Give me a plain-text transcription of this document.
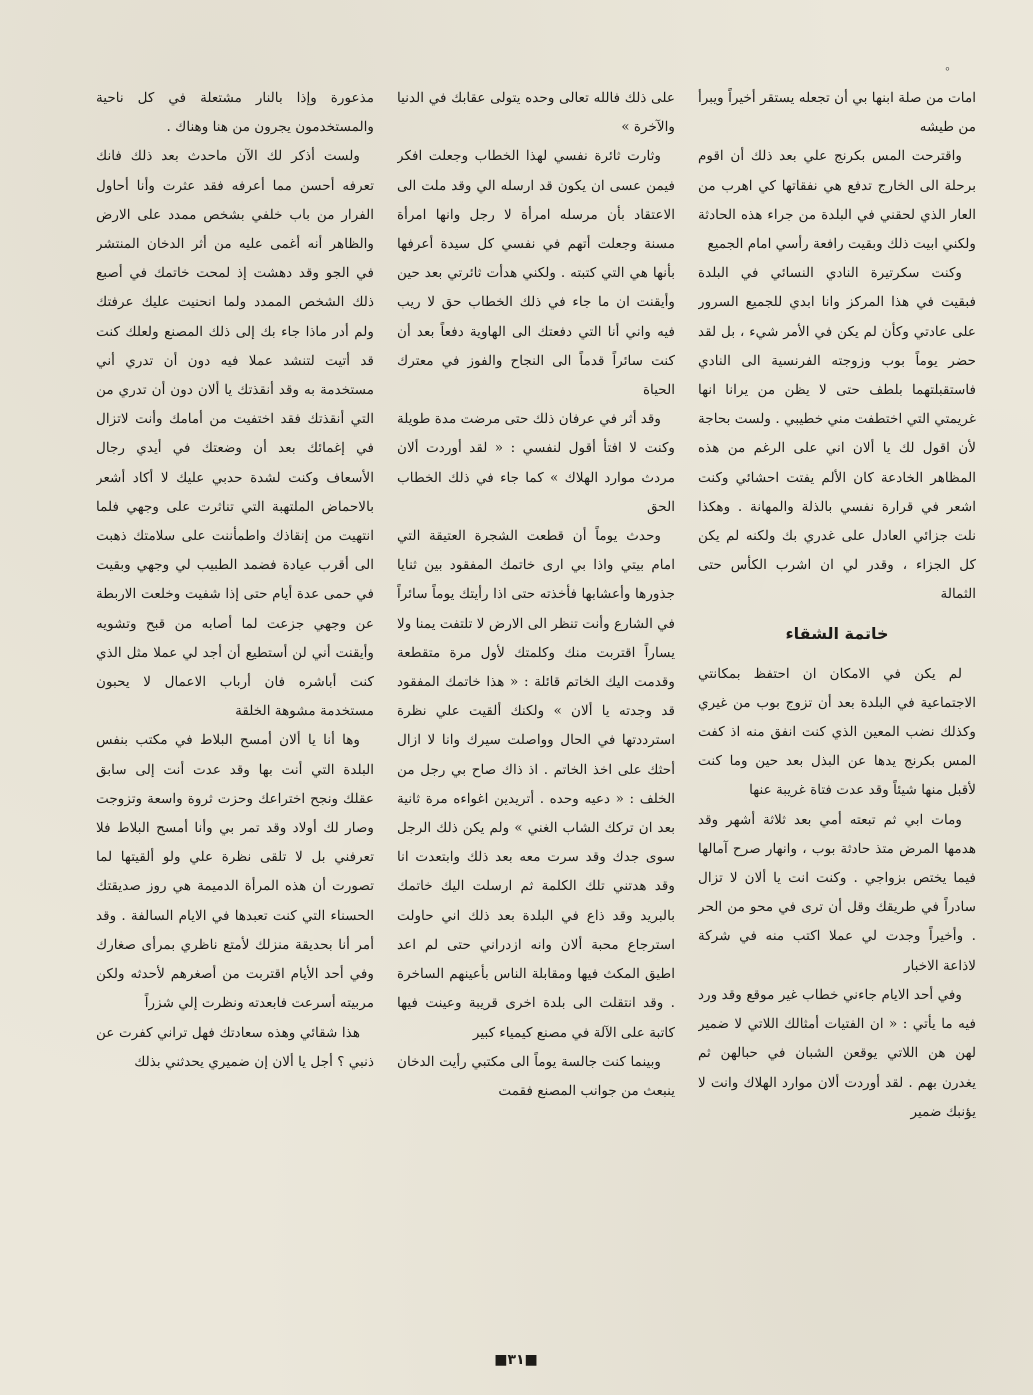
⸰

امات من صلة ابنها بي أن تجعله يستقر أخيراً ويبرأ من طيشه

واقترحت المس بكرنج علي بعد ذلك أن اقوم برحلة الى الخارج تدفع هي نفقاتها كي اهرب من العار الذي لحقني في البلدة من جراء هذه الحادثة ولكني ابيت ذلك وبقيت رافعة رأسي امام الجميع

وكنت سكرتيرة النادي النسائي في البلدة فبقيت في هذا المركز وانا ابدي للجميع السرور على عادتي وكأن لم يكن في الأمر شيء ، بل لقد حضر يوماً بوب وزوجته الفرنسية الى النادي فاستقبلتهما بلطف حتى لا يظن من يرانا انها غريمتي التي اختطفت مني خطيبي . ولست بحاجة لأن اقول لك يا ألان اني على الرغم من هذه المظاهر الخادعة كان الألم يفتت احشائي وكنت اشعر في قرارة نفسي بالذلة والمهانة . وهكذا نلت جزائي العادل على غدري بك ولكنه لم يكن كل الجزاء ، وقدر لي ان اشرب الكأس حتى الثمالة

خاتمة الشقاء

لم يكن في الامكان ان احتفظ بمكانتي الاجتماعية في البلدة بعد أن تزوج بوب من غيري وكذلك نضب المعين الذي كنت انفق منه اذ كفت المس بكرنج يدها عن البذل بعد حين وما كنت لأقبل منها شيئاً وقد عدت فتاة غريبة عنها

ومات ابي ثم تبعته أمي بعد ثلاثة أشهر وقد هدمها المرض متذ حادثة بوب ، وانهار صرح آمالها فيما يختص بزواجي . وكنت انت يا ألان لا تزال سادراً في طريقك وقل أن ترى في محو من الحر . وأخيراً وجدت لي عملا اكتب منه في شركة لاذاعة الاخبار

وفي أحد الايام جاءني خطاب غير موقع وقد ورد فيه ما يأتي : « ان الفتيات أمثالك اللاتي لا ضمير لهن هن اللاتي يوقعن الشبان في حبالهن ثم يغدرن بهم . لقد أوردت ألان موارد الهلاك وانت لا يؤنبك ضمير

على ذلك فالله تعالى وحده يتولى عقابك في الدنيا والآخرة »

وثارت ثائرة نفسي لهذا الخطاب وجعلت افكر فيمن عسى ان يكون قد ارسله الي وقد ملت الى الاعتقاد بأن مرسله امرأة لا رجل وانها امرأة مسنة وجعلت أتهم في نفسي كل سيدة أعرفها بأنها هي التي كتبته . ولكني هدأت ثائرتي بعد حين وأيقنت ان ما جاء في ذلك الخطاب حق لا ريب فيه واني أنا التي دفعتك الى الهاوية دفعاً بعد أن كنت سائراً قدماً الى النجاح والفوز في معترك الحياة

وقد أثر في عرفان ذلك حتى مرضت مدة طويلة وكنت لا افتأ أقول لنفسي : « لقد أوردت ألان مردث موارد الهلاك » كما جاء في ذلك الخطاب الحق

وحدث يوماً أن قطعت الشجرة العتيقة التي امام بيتي واذا بي ارى خاتمك المفقود بين ثنايا جذورها وأعشابها فأخذته حتى اذا رأيتك يوماً سائراً في الشارع وأنت تنظر الى الارض لا تلتفت يمنا ولا يساراً اقتربت منك وكلمتك لأول مرة متقطعة وقدمت اليك الخاتم قائلة : « هذا خاتمك المفقود قد وجدته يا ألان » ولكنك ألقيت علي نظرة استرددتها في الحال وواصلت سيرك وانا لا ازال أحثك على اخذ الخاتم . اذ ذاك صاح بي رجل من الخلف : « دعيه وحده . أتريدين اغواءه مرة ثانية بعد ان تركك الشاب الغني » ولم يكن ذلك الرجل سوى جدك وقد سرت معه بعد ذلك وابتعدت انا وقد هدتني تلك الكلمة ثم ارسلت اليك خاتمك بالبريد وقد ذاع في البلدة بعد ذلك اني حاولت استرجاع محبة ألان وانه ازدراني حتى لم اعد اطيق المكث فيها ومقابلة الناس بأعينهم الساخرة . وقد انتقلت الى بلدة اخرى قريبة وعينت فيها كاتبة على الآلة في مصنع كيمياء كبير

وبينما كنت جالسة يوماً الى مكتبي رأيت الدخان ينبعث من جوانب المصنع فقمت

مذعورة وإذا بالنار مشتعلة في كل ناحية والمستخدمون يجرون من هنا وهناك .

ولست أذكر لك الآن ماحدث بعد ذلك فانك تعرفه أحسن مما أعرفه فقد عثرت وأنا أحاول الفرار من باب خلفي بشخص ممدد على الارض والظاهر أنه أغمى عليه من أثر الدخان المنتشر في الجو وقد دهشت إذ لمحت خاتمك في أصبع ذلك الشخص الممدد ولما انحنيت عليك عرفتك ولم أدر ماذا جاء بك إلى ذلك المصنع ولعلك كنت قد أتيت لتنشد عملا فيه دون أن تدري أني مستخدمة به وقد أنقذتك يا ألان دون أن تدري من التي أنقذتك فقد اختفيت من أمامك وأنت لاتزال في إغمائك بعد أن وضعتك في أيدي رجال الأسعاف وكنت لشدة حدبي عليك لا أكاد أشعر بالاحماض الملتهبة التي تناثرت على وجهي فلما انتهيت من إنقاذك واطمأننت على سلامتك ذهبت الى أقرب عيادة فضمد الطبيب لي وجهي وبقيت في حمى عدة أيام حتى إذا شفيت وخلعت الاربطة عن وجهي جزعت لما أصابه من قبح وتشويه وأيقنت أني لن أستطيع أن أجد لي عملا مثل الذي كنت أباشره فان أرباب الاعمال لا يحبون مستخدمة مشوهة الخلقة

وها أنا يا ألان أمسح البلاط في مكتب بنفس البلدة التي أنت بها وقد عدت أنت إلى سابق عقلك ونجح اختراعك وحزت ثروة واسعة وتزوجت وصار لك أولاد وقد تمر بي وأنا أمسح البلاط فلا تعرفني بل لا تلقى نظرة علي ولو ألقيتها لما تصورت أن هذه المرأة الدميمة هي روز صديقتك الحسناء التي كنت تعبدها في الايام السالفة . وقد أمر أنا بحديقة منزلك لأمتع ناظري بمرأى صغارك وفي أحد الأيام اقتربت من أصغرهم لأحدثه ولكن مربيته أسرعت فابعدته ونظرت إلي شزراً

هذا شقائي وهذه سعادتك فهل تراني كفرت عن ذنبي ؟ أجل يا ألان إن ضميري يحدثني بذلك

■٣١■
